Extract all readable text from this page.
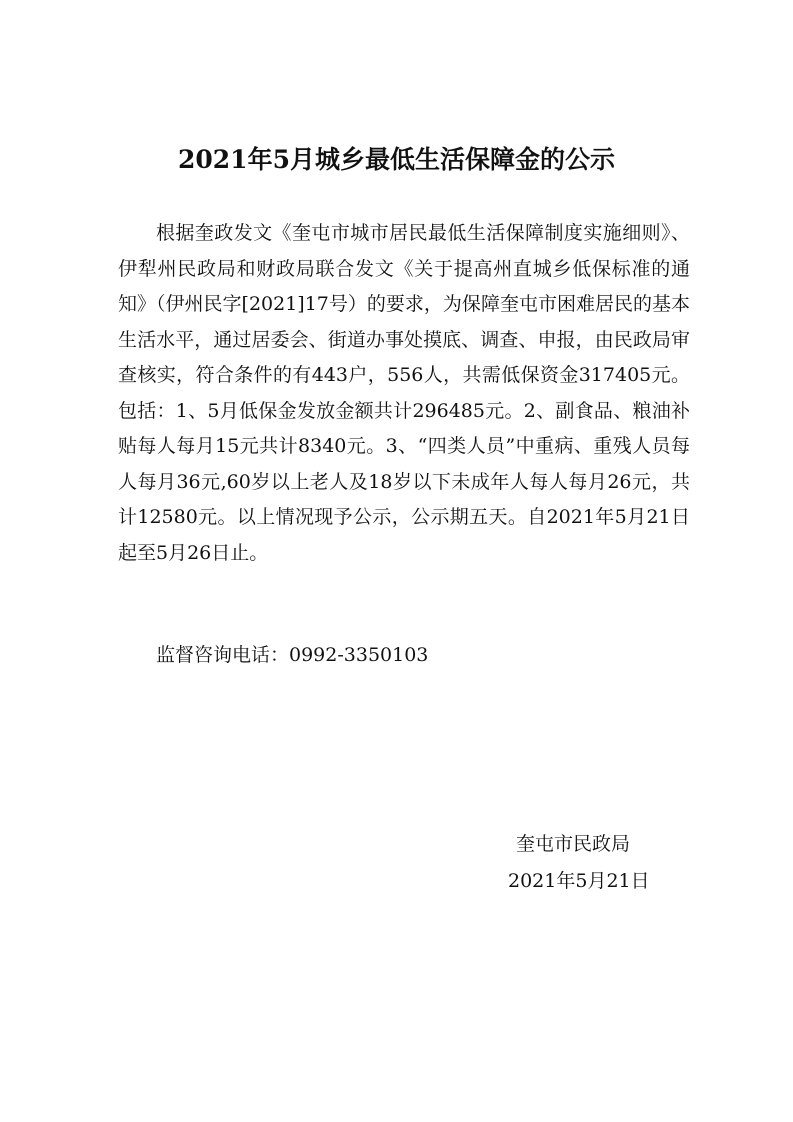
2021年5月城乡最低生活保障金的公示

根据奎政发文《奎屯市城市居民最低生活保障制度实施细则》、伊犁州民政局和财政局联合发文《关于提高州直城乡低保标准的通知》（伊州民字[2021]17号）的要求，为保障奎屯市困难居民的基本生活水平，通过居委会、街道办事处摸底、调查、申报，由民政局审查核实，符合条件的有443户，556人，共需低保资金317405元。包括：1、5月低保金发放金额共计296485元。2、副食品、粮油补贴每人每月15元共计8340元。3、“四类人员”中重病、重残人员每人每月36元,60岁以上老人及18岁以下未成年人每人每月26元，共计12580元。以上情况现予公示，公示期五天。自2021年5月21日起至5月26日止。

监督咨询电话：0992-3350103
奎屯市民政局
2021年5月21日
